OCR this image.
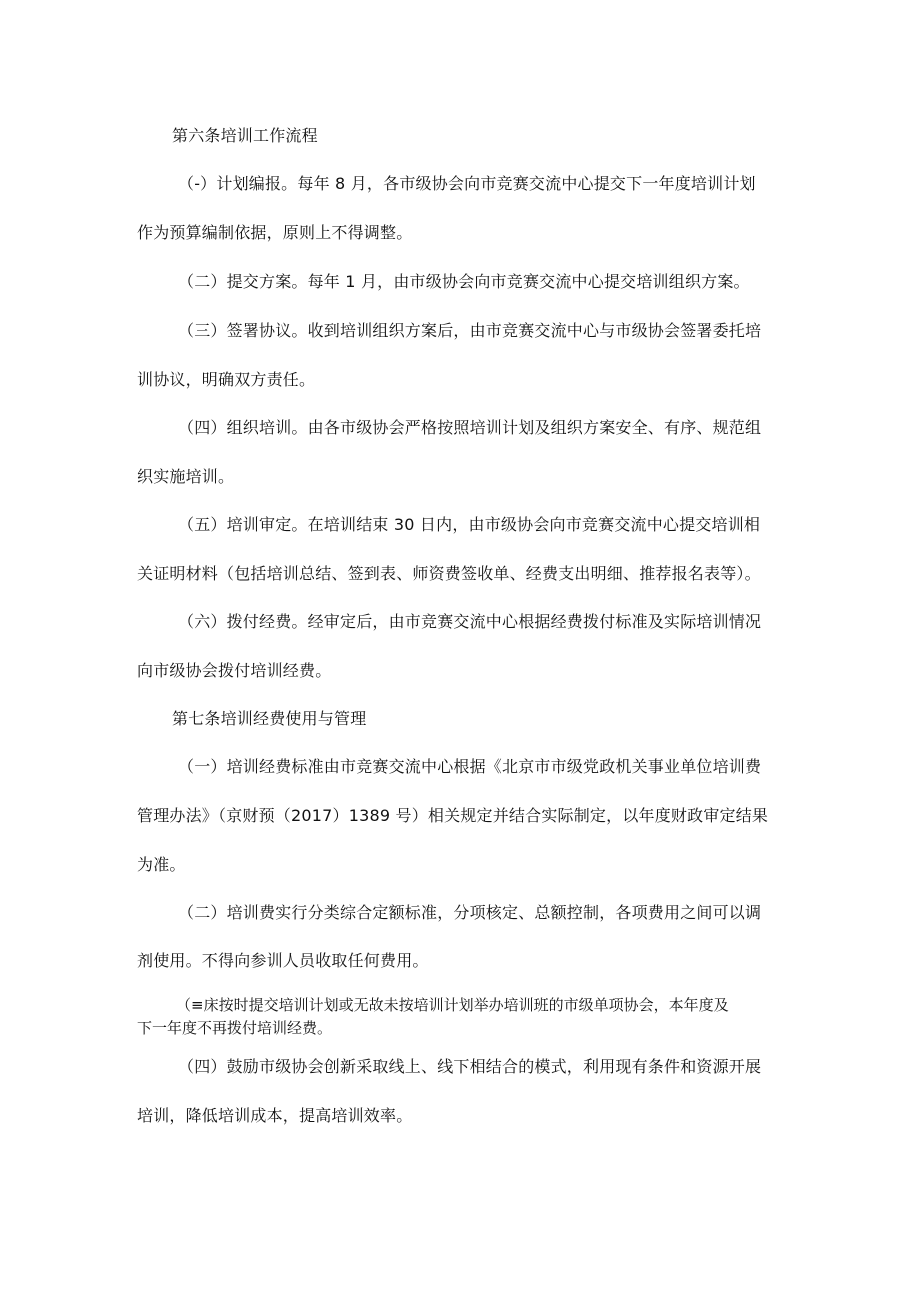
第六条培训工作流程
（-）计划编报。每年 8 月，各市级协会向市竞赛交流中心提交下一年度培训计划
作为预算编制依据，原则上不得调整。
（二）提交方案。每年 1 月，由市级协会向市竞赛交流中心提交培训组织方案。
（三）签署协议。收到培训组织方案后，由市竞赛交流中心与市级协会签署委托培
训协议，明确双方责任。
（四）组织培训。由各市级协会严格按照培训计划及组织方案安全、有序、规范组
织实施培训。
（五）培训审定。在培训结束 30 日内，由市级协会向市竞赛交流中心提交培训相
关证明材料（包括培训总结、签到表、师资费签收单、经费支出明细、推荐报名表等）。
（六）拨付经费。经审定后，由市竞赛交流中心根据经费拨付标准及实际培训情况
向市级协会拨付培训经费。
第七条培训经费使用与管理
（一）培训经费标准由市竞赛交流中心根据《北京市市级党政机关事业单位培训费
管理办法》（京财预（2017）1389 号）相关规定并结合实际制定，以年度财政审定结果
为准。
（二）培训费实行分类综合定额标准，分项核定、总额控制，各项费用之间可以调
剂使用。不得向参训人员收取任何费用。
（≡床按时提交培训计划或无故未按培训计划举办培训班的市级单项协会，本年度及
下一年度不再拨付培训经费。
（四）鼓励市级协会创新采取线上、线下相结合的模式，利用现有条件和资源开展
培训，降低培训成本，提高培训效率。
